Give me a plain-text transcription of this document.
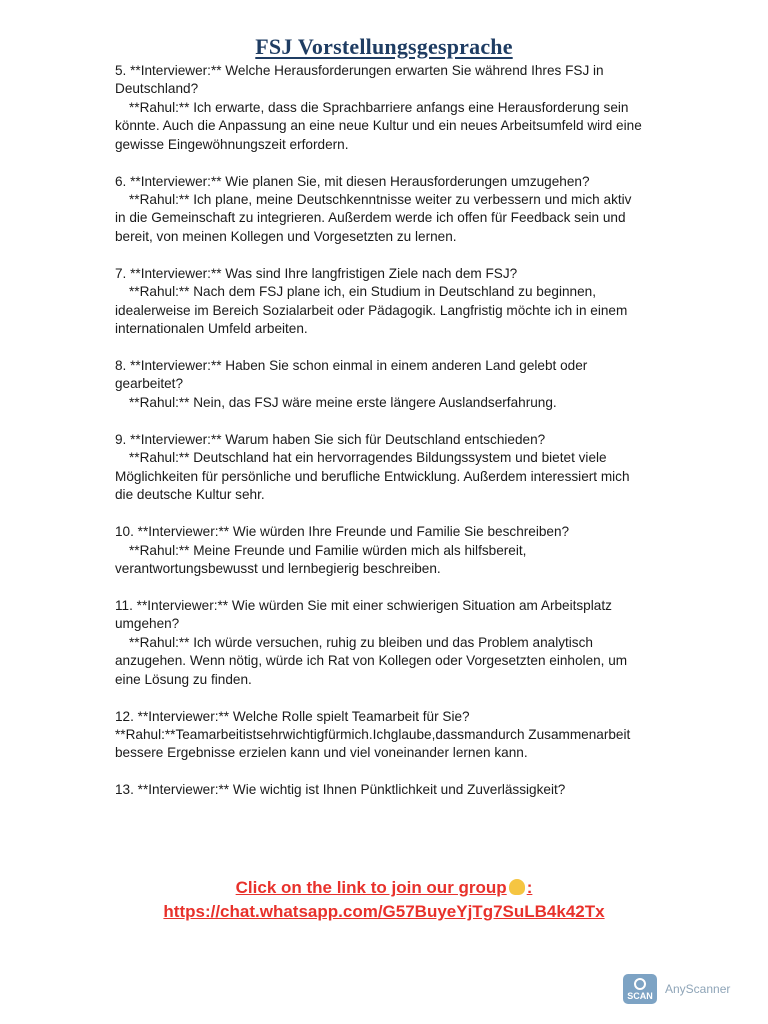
FSJ Vorstellungsgesprache

5. **Interviewer:** Welche Herausforderungen erwarten Sie während Ihres FSJ in Deutschland?

**Rahul:** Ich erwarte, dass die Sprachbarriere anfangs eine Herausforderung sein könnte. Auch die Anpassung an eine neue Kultur und ein neues Arbeitsumfeld wird eine gewisse Eingewöhnungszeit erfordern.

6. **Interviewer:** Wie planen Sie, mit diesen Herausforderungen umzugehen?

**Rahul:** Ich plane, meine Deutschkenntnisse weiter zu verbessern und mich aktiv in die Gemeinschaft zu integrieren. Außerdem werde ich offen für Feedback sein und bereit, von meinen Kollegen und Vorgesetzten zu lernen.

7. **Interviewer:** Was sind Ihre langfristigen Ziele nach dem FSJ?

**Rahul:** Nach dem FSJ plane ich, ein Studium in Deutschland zu beginnen, idealerweise im Bereich Sozialarbeit oder Pädagogik. Langfristig möchte ich in einem internationalen Umfeld arbeiten.

8. **Interviewer:** Haben Sie schon einmal in einem anderen Land gelebt oder gearbeitet?

**Rahul:** Nein, das FSJ wäre meine erste längere Auslandserfahrung.

9. **Interviewer:** Warum haben Sie sich für Deutschland entschieden?

**Rahul:** Deutschland hat ein hervorragendes Bildungssystem und bietet viele Möglichkeiten für persönliche und berufliche Entwicklung. Außerdem interessiert mich die deutsche Kultur sehr.

10. **Interviewer:** Wie würden Ihre Freunde und Familie Sie beschreiben?

**Rahul:** Meine Freunde und Familie würden mich als hilfsbereit, verantwortungsbewusst und lernbegierig beschreiben.

11. **Interviewer:** Wie würden Sie mit einer schwierigen Situation am Arbeitsplatz umgehen?

**Rahul:** Ich würde versuchen, ruhig zu bleiben und das Problem analytisch anzugehen. Wenn nötig, würde ich Rat von Kollegen oder Vorgesetzten einholen, um eine Lösung zu finden.

12. **Interviewer:** Welche Rolle spielt Teamarbeit für Sie?

**Rahul:**Teamarbeitistsehrwichtigfürmich.Ichglaube,dassmandurch Zusammenarbeit bessere Ergebnisse erzielen kann und viel voneinander lernen kann.

13. **Interviewer:** Wie wichtig ist Ihnen Pünktlichkeit und Zuverlässigkeit?

Click on the link to join our group :
https://chat.whatsapp.com/G57BuyeYjTg7SuLB4k42Tx
SCAN AnyScanner
